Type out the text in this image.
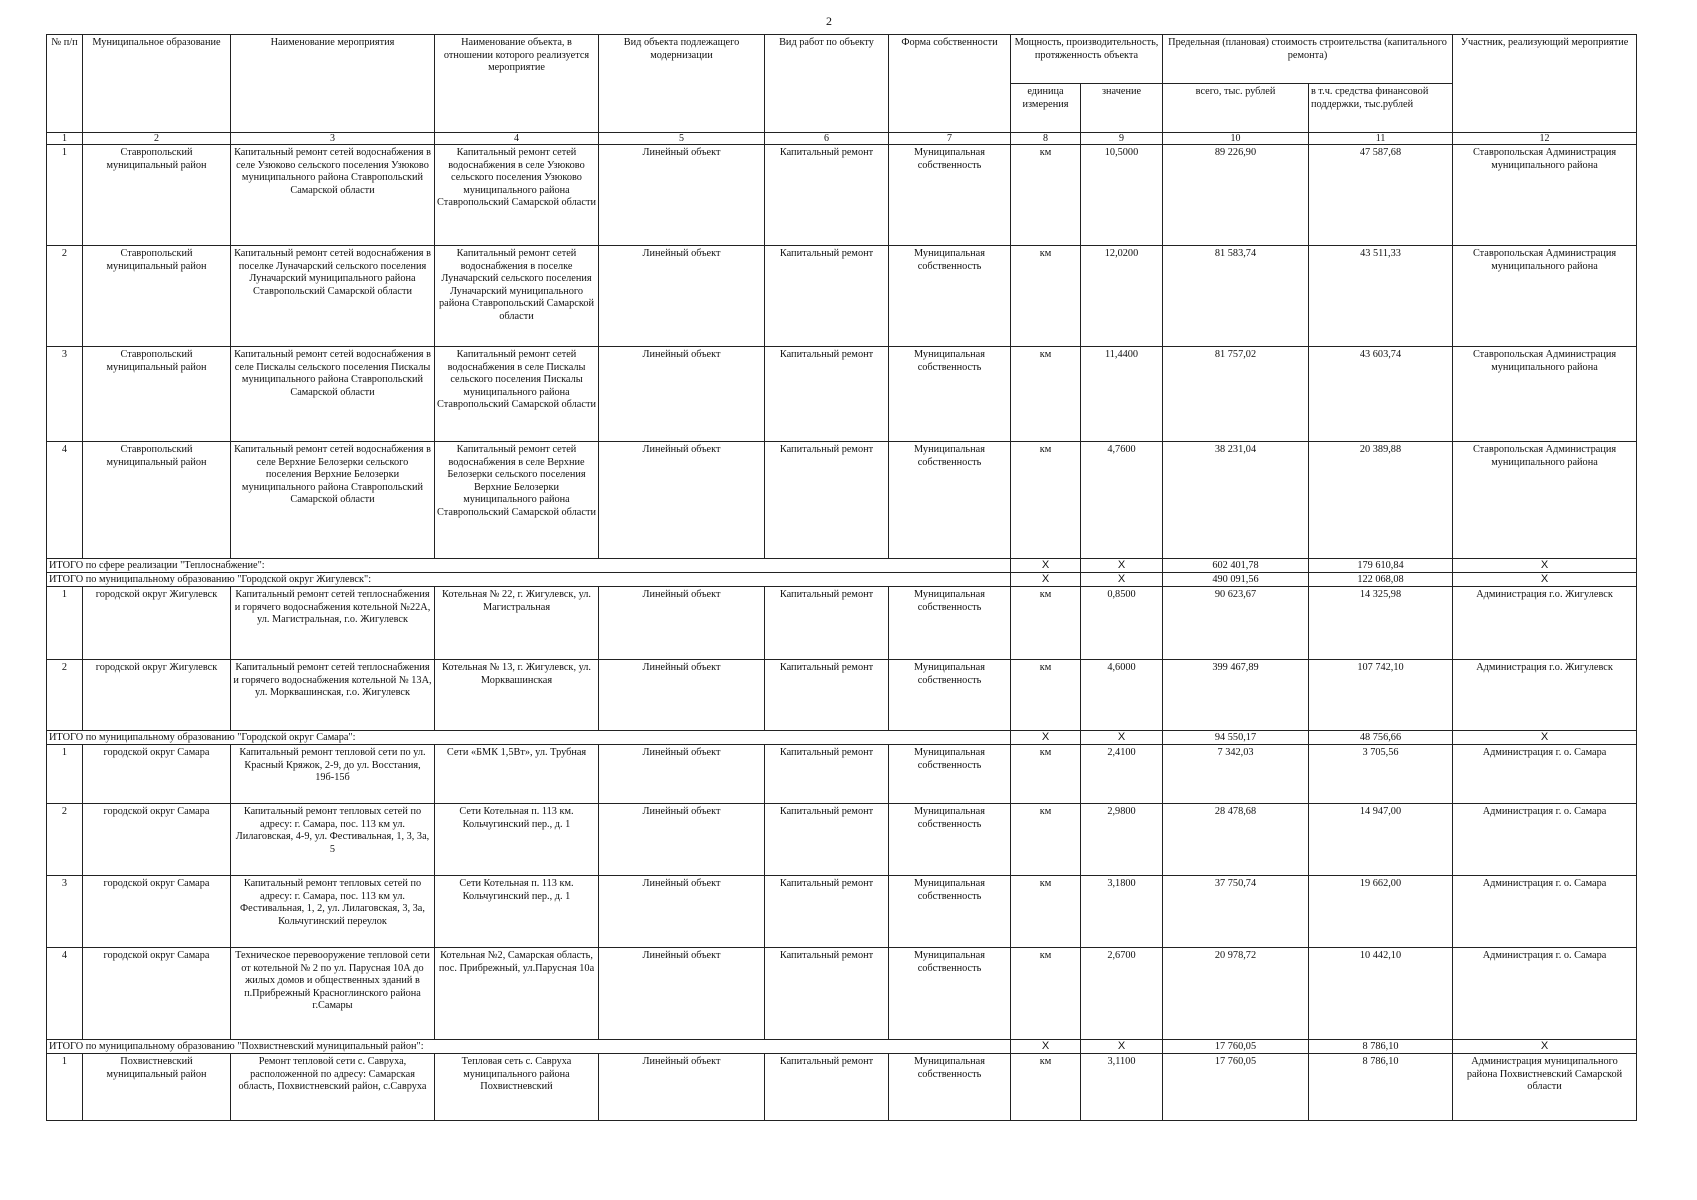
2
№ п/п	Муниципальное образование	Наименование мероприятия	Наименование объекта, в отношении которого реализуется мероприятие	Вид объекта подлежащего модернизации	Вид работ по объекту	Форма собственности	Мощность, производительность, протяженность объекта		Предельная (плановая) стоимость строительства (капитального ремонта)		Участник, реализующий мероприятие
							единица измерения	значение	всего, тыс. рублей	в т.ч. средства финансовой поддержки, тыс.рублей	
1	2	3	4	5	6	7	8	9	10	11	12
1	Ставропольский муниципальный район	Капитальный ремонт сетей водоснабжения в селе Узюково сельского поселения Узюково муниципального района Ставропольский Самарской области	Капитальный ремонт сетей водоснабжения в селе Узюково сельского поселения Узюково муниципального района Ставропольский Самарской области	Линейный объект	Капитальный ремонт	Муниципальная собственность	км	10,5000	89 226,90	47 587,68	Ставропольская Администрация муниципального района
2	Ставропольский муниципальный район	Капитальный ремонт сетей водоснабжения в поселке Луначарский сельского поселения Луначарский муниципального района Ставропольский Самарской области	Капитальный ремонт сетей водоснабжения в поселке Луначарский сельского поселения Луначарский муниципального района Ставропольский Самарской области	Линейный объект	Капитальный ремонт	Муниципальная собственность	км	12,0200	81 583,74	43 511,33	Ставропольская Администрация муниципального района
3	Ставропольский муниципальный район	Капитальный ремонт сетей водоснабжения в селе Пискалы сельского поселения Пискалы муниципального района Ставропольский Самарской области	Капитальный ремонт сетей водоснабжения в селе Пискалы сельского поселения Пискалы муниципального района Ставропольский Самарской области	Линейный объект	Капитальный ремонт	Муниципальная собственность	км	11,4400	81 757,02	43 603,74	Ставропольская Администрация муниципального района
4	Ставропольский муниципальный район	Капитальный ремонт сетей водоснабжения в селе Верхние Белозерки сельского поселения Верхние Белозерки муниципального района Ставропольский Самарской области	Капитальный ремонт сетей водоснабжения в селе Верхние Белозерки сельского поселения Верхние Белозерки муниципального района Ставропольский Самарской области	Линейный объект	Капитальный ремонт	Муниципальная собственность	км	4,7600	38 231,04	20 389,88	Ставропольская Администрация муниципального района
ИТОГО по сфере реализации "Теплоснабжение":							Х	Х	602 401,78	179 610,84	Х
ИТОГО по муниципальному образованию "Городской округ Жигулевск":							Х	Х	490 091,56	122 068,08	Х
1	городской округ Жигулевск	Капитальный ремонт сетей теплоснабжения и горячего водоснабжения котельной №22А, ул. Магистральная, г.о. Жигулевск	Котельная № 22, г. Жигулевск, ул. Магистральная	Линейный объект	Капитальный ремонт	Муниципальная собственность	км	0,8500	90 623,67	14 325,98	Администрация г.о. Жигулевск
2	городской округ Жигулевск	Капитальный ремонт сетей теплоснабжения и горячего водоснабжения котельной № 13А, ул. Морквашинская, г.о. Жигулевск	Котельная № 13, г. Жигулевск, ул. Морквашинская	Линейный объект	Капитальный ремонт	Муниципальная собственность	км	4,6000	399 467,89	107 742,10	Администрация г.о. Жигулевск
ИТОГО по муниципальному образованию "Городской округ Самара":							Х	Х	94 550,17	48 756,66	Х
1	городской округ Самара	Капитальный ремонт тепловой сети по ул. Красный Кряжок, 2-9, до ул. Восстания, 19б-15б	Сети «БМК 1,5Вт», ул. Трубная	Линейный объект	Капитальный ремонт	Муниципальная собственность	км	2,4100	7 342,03	3 705,56	Администрация г. о. Самара
2	городской округ Самара	Капитальный ремонт тепловых сетей по адресу: г. Самара, пос. 113 км ул. Лилаговская, 4-9, ул. Фестивальная, 1, 3, 3а, 5	Сети Котельная п. 113 км. Кольчугинский пер., д. 1	Линейный объект	Капитальный ремонт	Муниципальная собственность	км	2,9800	28 478,68	14 947,00	Администрация г. о. Самара
3	городской округ Самара	Капитальный ремонт тепловых сетей по адресу: г. Самара, пос. 113 км ул. Фестивальная, 1, 2, ул. Лилаговская, 3, 3а, Кольчугинский переулок	Сети Котельная п. 113 км. Кольчугинский пер., д. 1	Линейный объект	Капитальный ремонт	Муниципальная собственность	км	3,1800	37 750,74	19 662,00	Администрация г. о. Самара
4	городской округ Самара	Техническое перевооружение тепловой сети от котельной № 2 по ул. Парусная 10А до жилых домов и общественных зданий в п.Прибрежный Красноглинского района г.Самары	Котельная №2, Самарская область, пос. Прибрежный, ул.Парусная 10а	Линейный объект	Капитальный ремонт	Муниципальная собственность	км	2,6700	20 978,72	10 442,10	Администрация г. о. Самара
ИТОГО по муниципальному образованию "Похвистневский муниципальный район":							Х	Х	17 760,05	8 786,10	Х
1	Похвистневский муниципальный район	Ремонт тепловой сети с. Савруха, расположенной по адресу: Самарская область, Похвистневский район, с.Савруха	Тепловая сеть с. Савруха муниципального района Похвистневский	Линейный объект	Капитальный ремонт	Муниципальная собственность	км	3,1100	17 760,05	8 786,10	Администрация муниципального района Похвистневский Самарской области
